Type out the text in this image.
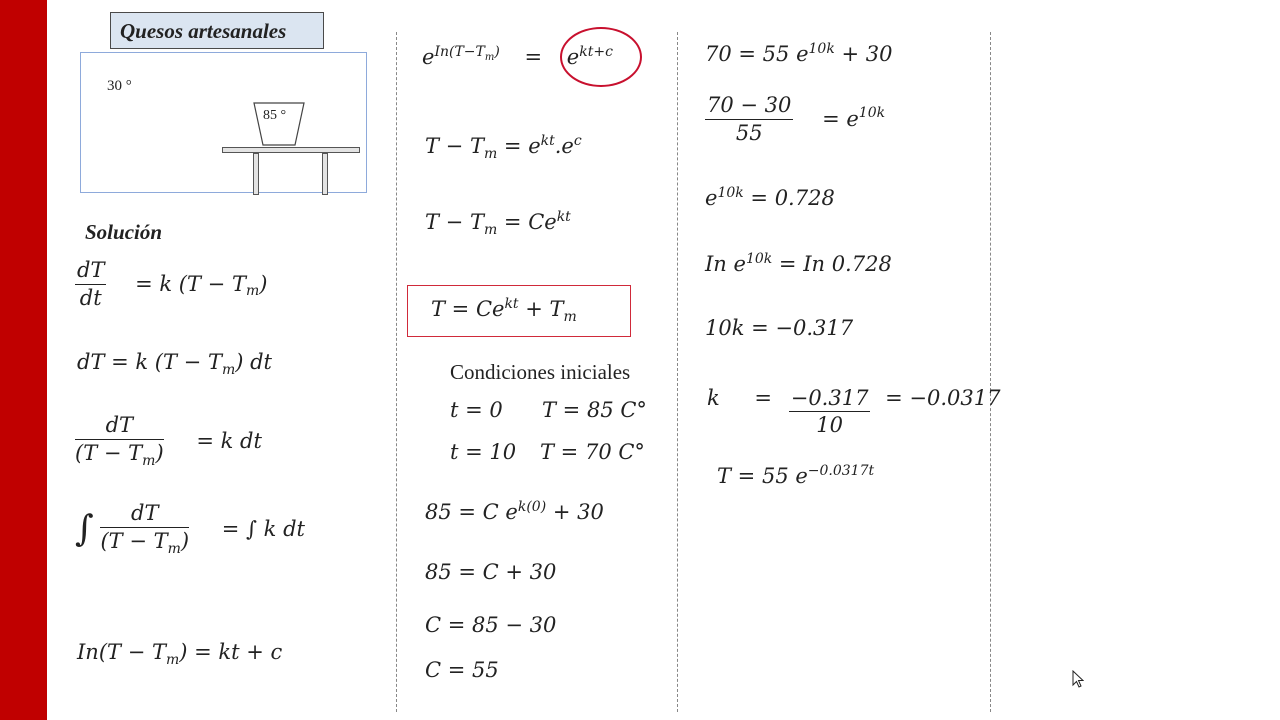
Quesos artesanales
30 °
85 °
Solución
$\frac{dT}{dt} = k$ $(T - T_m)$
dT = k $(T - T_m)$ dt
$\frac{dT}{(T - T_m)} = k$ dt
∫ $\frac{dT}{(T - T_m)}$ = ∫ k dt
$In(T - T_m)$ = kt + c
$e^{In(T-T_m)} = e^{kt+c}$
$T - T_m = e^{kt}.e^c$
$T - T_m = Ce^{kt}$
$T = Ce^{kt} + T_m$
Condiciones iniciales
t = 0 T = 85 C°
t = 10 T = 70 C°
85 = C $e^{k(0)} + 30$
85 = C + 30
C = 85 − 30
C = 55
70 = 55 $e^{10k} + 30$
$\frac{70 - 30}{55} = e^{10k}$
$e^{10k} = 0.728$
In $e^{10k} = In$ 0.728
10k = −0.317
$k = \frac{-0.317}{10} = -0.0317$
T = 55 $e^{-0.0317t}$
